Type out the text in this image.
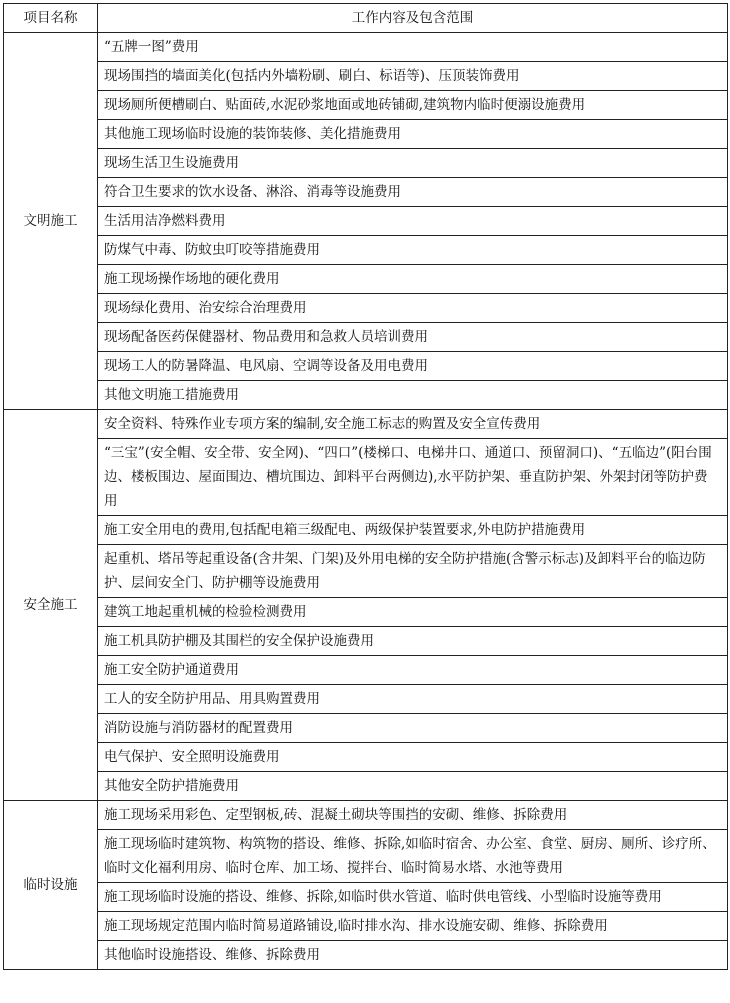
项目名称	工作内容及包含范围
文明施工	“五牌一图”费用
	现场围挡的墙面美化(包括内外墙粉刷、刷白、标语等)、压顶装饰费用
	现场厕所便槽刷白、贴面砖,水泥砂浆地面或地砖铺砌,建筑物内临时便溺设施费用
	其他施工现场临时设施的装饰装修、美化措施费用
	现场生活卫生设施费用
	符合卫生要求的饮水设备、淋浴、消毒等设施费用
	生活用洁净燃料费用
	防煤气中毒、防蚊虫叮咬等措施费用
	施工现场操作场地的硬化费用
	现场绿化费用、治安综合治理费用
	现场配备医药保健器材、物品费用和急救人员培训费用
	现场工人的防暑降温、电风扇、空调等设备及用电费用
	其他文明施工措施费用
安全施工	安全资料、特殊作业专项方案的编制,安全施工标志的购置及安全宣传费用
	“三宝”(安全帽、安全带、安全网)、“四口”(楼梯口、电梯井口、通道口、预留洞口)、“五临边”(阳台围边、楼板围边、屋面围边、槽坑围边、卸料平台两侧边),水平防护架、垂直防护架、外架封闭等防护费用
	施工安全用电的费用,包括配电箱三级配电、两级保护装置要求,外电防护措施费用
	起重机、塔吊等起重设备(含井架、门架)及外用电梯的安全防护措施(含警示标志)及卸料平台的临边防护、层间安全门、防护棚等设施费用
	建筑工地起重机械的检验检测费用
	施工机具防护棚及其围栏的安全保护设施费用
	施工安全防护通道费用
	工人的安全防护用品、用具购置费用
	消防设施与消防器材的配置费用
	电气保护、安全照明设施费用
	其他安全防护措施费用
临时设施	施工现场采用彩色、定型钢板,砖、混凝土砌块等围挡的安砌、维修、拆除费用
	施工现场临时建筑物、构筑物的搭设、维修、拆除,如临时宿舍、办公室、食堂、厨房、厕所、诊疗所、临时文化福利用房、临时仓库、加工场、搅拌台、临时简易水塔、水池等费用
	施工现场临时设施的搭设、维修、拆除,如临时供水管道、临时供电管线、小型临时设施等费用
	施工现场规定范围内临时简易道路铺设,临时排水沟、排水设施安砌、维修、拆除费用
	其他临时设施搭设、维修、拆除费用
